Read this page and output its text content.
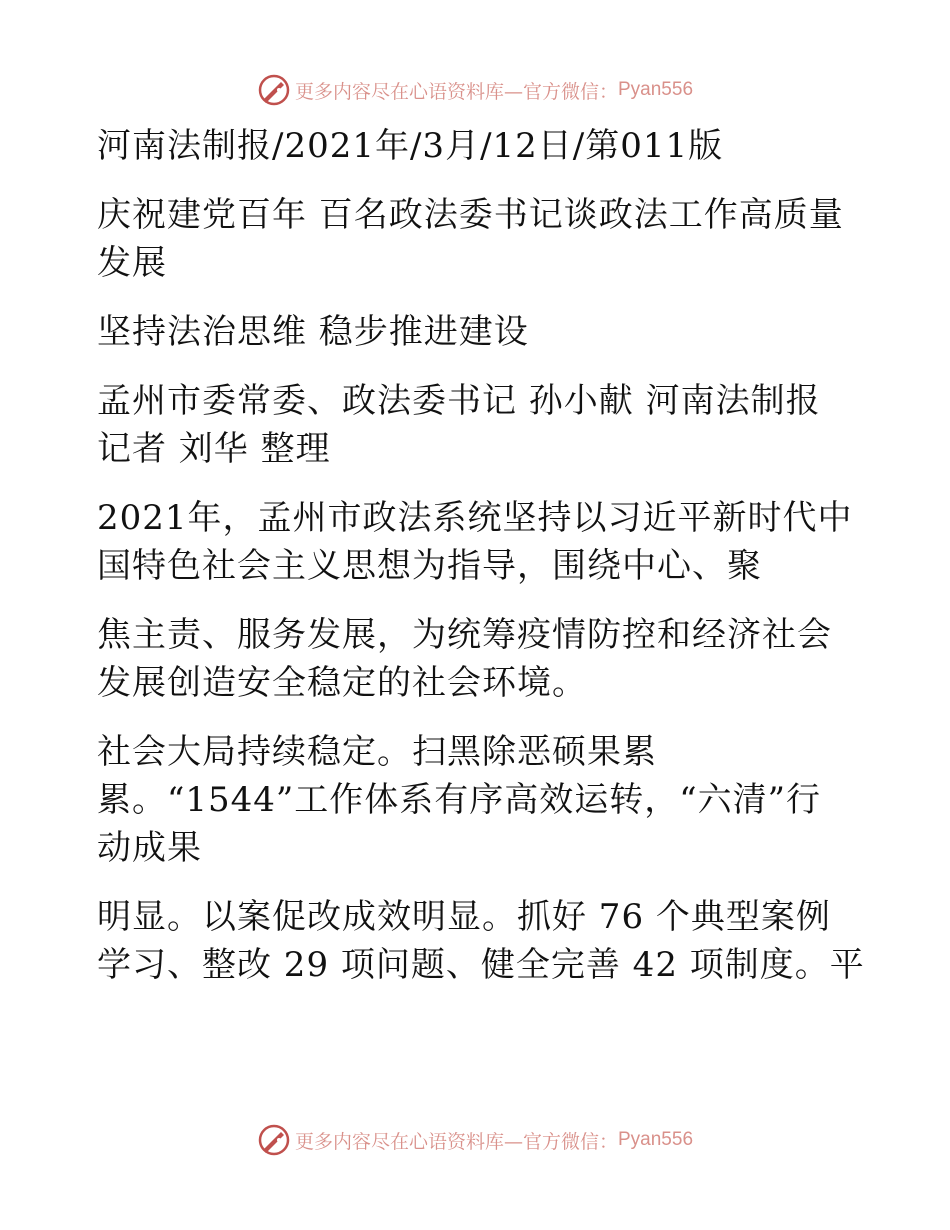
更多内容尽在心语资料库—官方微信： Pyan556
河南法制报/2021年/3月/12日/第011版
庆祝建党百年 百名政法委书记谈政法工作高质量
发展
坚持法治思维 稳步推进建设
孟州市委常委、政法委书记 孙小献 河南法制报
记者 刘华 整理
2021年，孟州市政法系统坚持以习近平新时代中
国特色社会主义思想为指导，围绕中心、聚
焦主责、服务发展，为统筹疫情防控和经济社会
发展创造安全稳定的社会环境。
社会大局持续稳定。扫黑除恶硕果累
累。“1544”工作体系有序高效运转，“六清”行
动成果
明显。以案促改成效明显。抓好 76 个典型案例
学习、整改 29 项问题、健全完善 42 项制度。平
更多内容尽在心语资料库—官方微信： Pyan556
